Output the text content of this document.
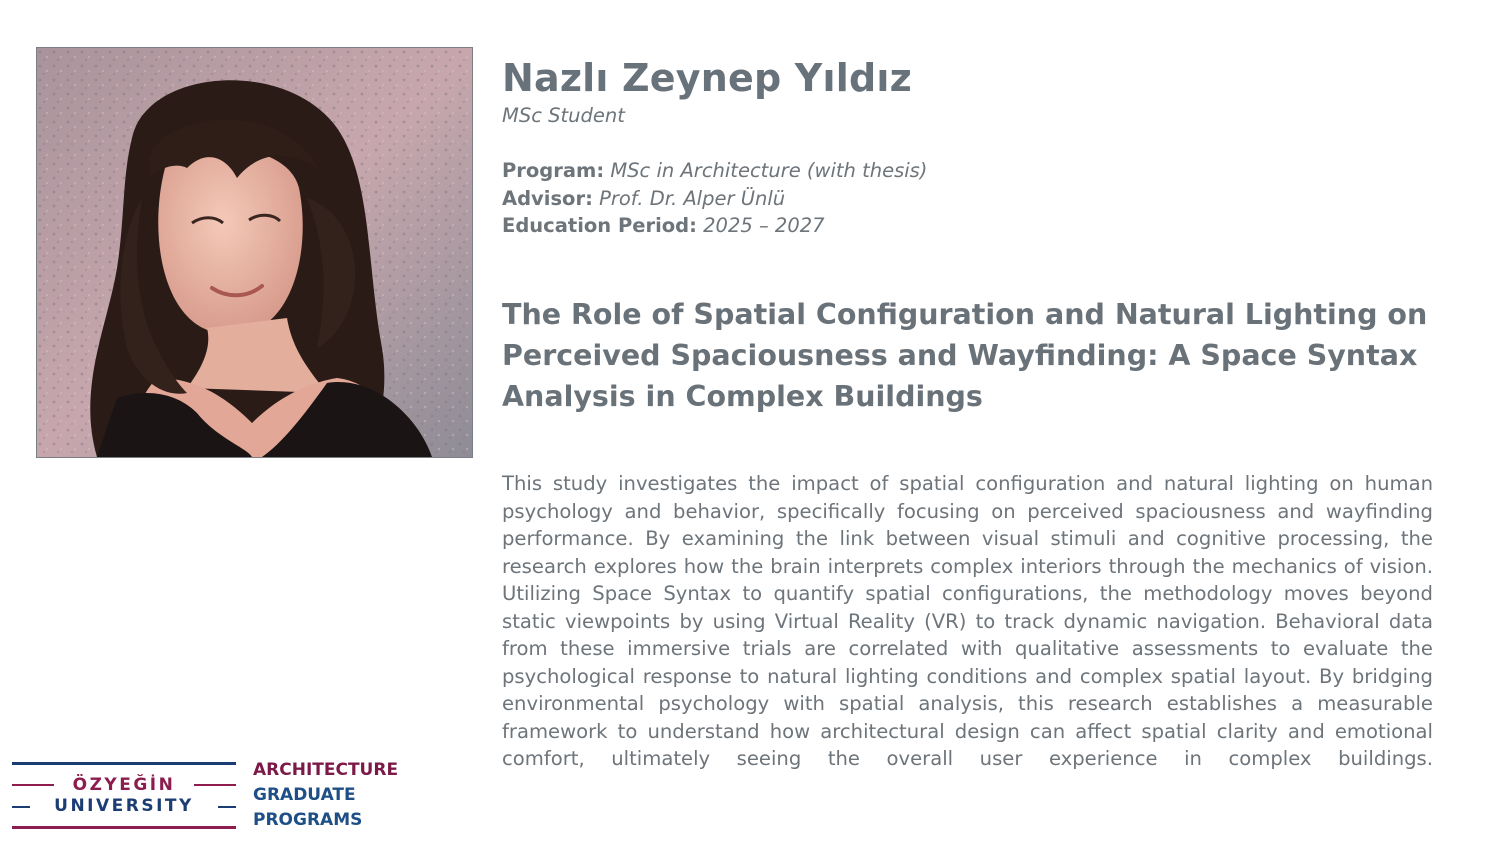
Nazlı Zeynep Yıldız
MSc Student
Program: MSc in Architecture (with thesis)
Advisor: Prof. Dr. Alper Ünlü
Education Period: 2025 – 2027
The Role of Spatial Configuration and Natural Lighting on Perceived Spaciousness and Wayfinding: A Space Syntax Analysis in Complex Buildings

This study investigates the impact of spatial configuration and natural lighting on human psychology and behavior, specifically focusing on perceived spaciousness and wayfinding performance. By examining the link between visual stimuli and cognitive processing, the research explores how the brain interprets complex interiors through the mechanics of vision. Utilizing Space Syntax to quantify spatial configurations, the methodology moves beyond static viewpoints by using Virtual Reality (VR) to track dynamic navigation. Behavioral data from these immersive trials are correlated with qualitative assessments to evaluate the psychological response to natural lighting conditions and complex spatial layout. By bridging environmental psychology with spatial analysis, this research establishes a measurable framework to understand how architectural design can affect spatial clarity and emotional comfort, ultimately seeing the overall user experience in complex buildings.

ÖZYEĞİN
UNIVERSITY
ARCHITECTURE
GRADUATE
PROGRAMS
